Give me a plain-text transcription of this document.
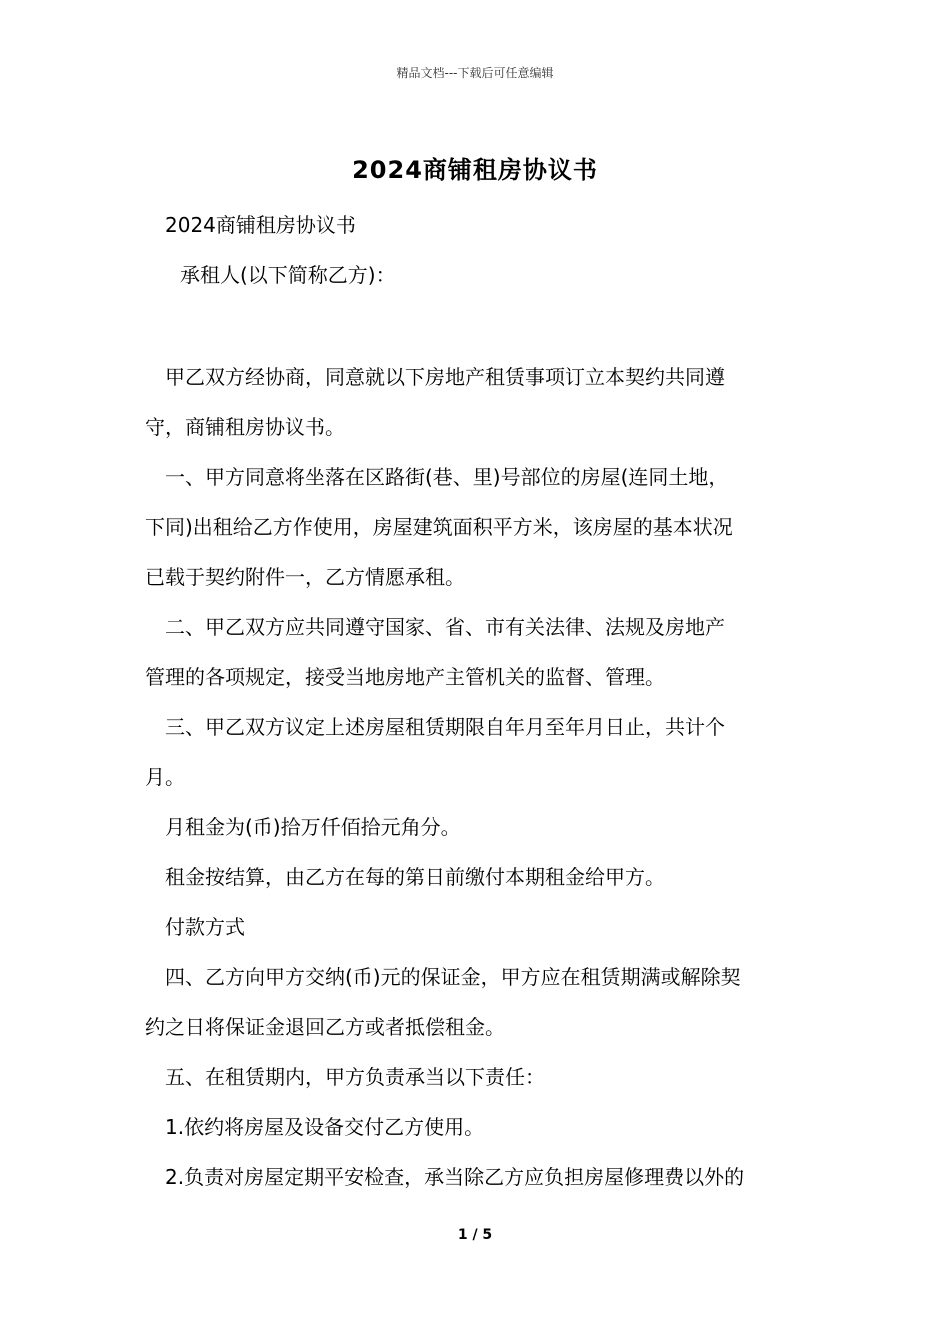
精品文档---下载后可任意编辑
2024商铺租房协议书
2024商铺租房协议书
承租人(以下简称乙方)：
甲乙双方经协商，同意就以下房地产租赁事项订立本契约共同遵
守，商铺租房协议书。
一、甲方同意将坐落在区路街(巷、里)号部位的房屋(连同土地，
下同)出租给乙方作使用，房屋建筑面积平方米，该房屋的基本状况
已载于契约附件一，乙方情愿承租。
二、甲乙双方应共同遵守国家、省、市有关法律、法规及房地产
管理的各项规定，接受当地房地产主管机关的监督、管理。
三、甲乙双方议定上述房屋租赁期限自年月至年月日止，共计个
月。
月租金为(币)拾万仟佰拾元角分。
租金按结算，由乙方在每的第日前缴付本期租金给甲方。
付款方式
四、乙方向甲方交纳(币)元的保证金，甲方应在租赁期满或解除契
约之日将保证金退回乙方或者抵偿租金。
五、在租赁期内，甲方负责承当以下责任：
1.依约将房屋及设备交付乙方使用。
2.负责对房屋定期平安检查，承当除乙方应负担房屋修理费以外的
1 / 5
